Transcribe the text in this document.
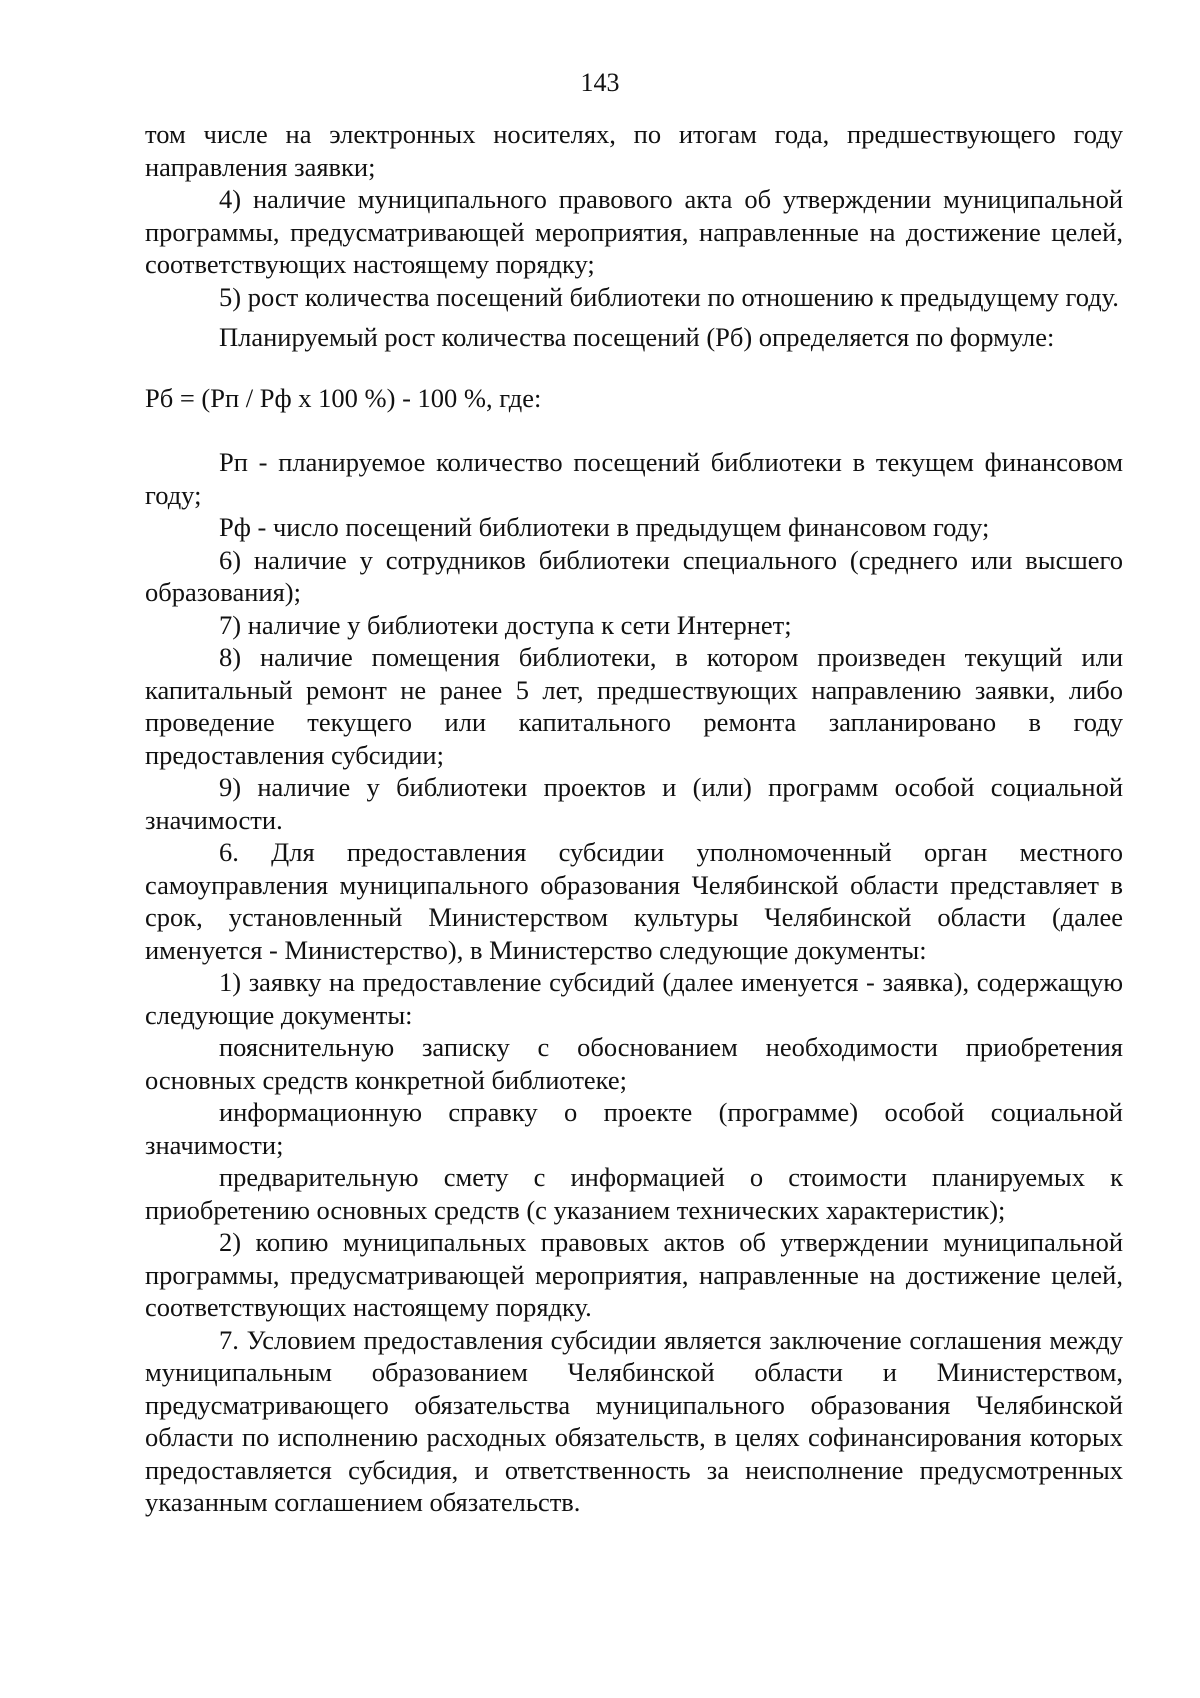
143

том числе на электронных носителях, по итогам года, предшествующего году направления заявки;

4) наличие муниципального правового акта об утверждении муниципальной программы, предусматривающей мероприятия, направленные на достижение целей, соответствующих настоящему порядку;

5) рост количества посещений библиотеки по отношению к предыдущему году.

Планируемый рост количества посещений (Рб) определяется по формуле:

Рб = (Рп / Рф х 100 %) - 100 %, где:

Рп - планируемое количество посещений библиотеки в текущем финансовом году;

Рф - число посещений библиотеки в предыдущем финансовом году;

6) наличие у сотрудников библиотеки специального (среднего или высшего образования);

7) наличие у библиотеки доступа к сети Интернет;

8) наличие помещения библиотеки, в котором произведен текущий или капитальный ремонт не ранее 5 лет, предшествующих направлению заявки, либо проведение текущего или капитального ремонта запланировано в году предоставления субсидии;

9) наличие у библиотеки проектов и (или) программ особой социальной значимости.

6. Для предоставления субсидии уполномоченный орган местного самоуправления муниципального образования Челябинской области представляет в срок, установленный Министерством культуры Челябинской области (далее именуется - Министерство), в Министерство следующие документы:

1) заявку на предоставление субсидий (далее именуется - заявка), содержащую следующие документы:

пояснительную записку с обоснованием необходимости приобретения основных средств конкретной библиотеке;

информационную справку о проекте (программе) особой социальной значимости;

предварительную смету с информацией о стоимости планируемых к приобретению основных средств (с указанием технических характеристик);

2) копию муниципальных правовых актов об утверждении муниципальной программы, предусматривающей мероприятия, направленные на достижение целей, соответствующих настоящему порядку.

7. Условием предоставления субсидии является заключение соглашения между муниципальным образованием Челябинской области и Министерством, предусматривающего обязательства муниципального образования Челябинской области по исполнению расходных обязательств, в целях софинансирования которых предоставляется субсидия, и ответственность за неисполнение предусмотренных указанным соглашением обязательств.
